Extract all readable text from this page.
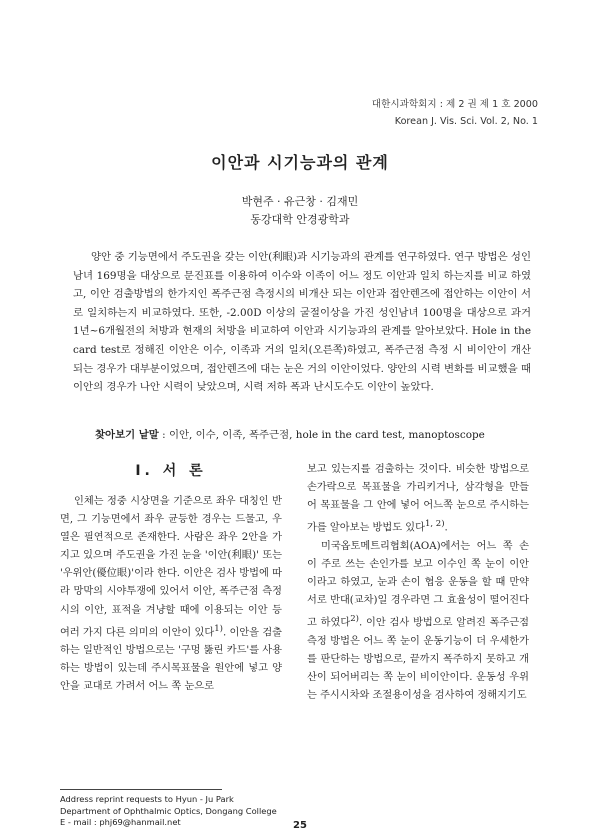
대한시과학회지 : 제 2 권 제 1 호 2000
Korean J. Vis. Sci. Vol. 2, No. 1
이안과 시기능과의 관계
박현주 · 유근창 · 김재민
동강대학 안경광학과

양안 중 기능면에서 주도권을 갖는 이안(利眼)과 시기능과의 관계를 연구하였다. 연구 방법은 성인 남녀 169명을 대상으로 문진표를 이용하여 이수와 이족이 어느 정도 이안과 일치 하는지를 비교 하였고, 이안 검출방법의 한가지인 폭주근점 측정시의 비개산 되는 이안과 접안렌즈에 접안하는 이안이 서로 일치하는지 비교하였다. 또한, -2.00D 이상의 굴절이상을 가진 성인남녀 100명을 대상으로 과거 1년~6개월전의 처방과 현재의 처방을 비교하여 이안과 시기능과의 관계를 알아보았다. Hole in the card test로 정해진 이안은 이수, 이족과 거의 일치(오른쪽)하였고, 폭주근점 측정 시 비이안이 개산되는 경우가 대부분이었으며, 접안렌즈에 대는 눈은 거의 이안이었다. 양안의 시력 변화를 비교했을 때 이안의 경우가 나안 시력이 낮았으며, 시력 저하 폭과 난시도수도 이안이 높았다.

찾아보기 낱말 : 이안, 이수, 이족, 폭주근점, hole in the card test, manoptoscope
I. 서 론

인체는 정중 시상면을 기준으로 좌우 대칭인 반면, 그 기능면에서 좌우 균등한 경우는 드물고, 우열은 필연적으로 존재한다. 사람은 좌우 2안을 가지고 있으며 주도권을 가진 눈을 '이안(利眼)' 또는 '우위안(優位眼)'이라 한다. 이안은 검사 방법에 따라 망막의 시야투쟁에 있어서 이안, 폭주근점 측정시의 이안, 표적을 겨냥할 때에 이용되는 이안 등 여러 가지 다른 의미의 이안이 있다$^{1)}$. 이안을 검출하는 일반적인 방법으로는 '구멍 뚫린 카드'를 사용하는 방법이 있는데 주시목표물을 원안에 넣고 양안을 교대로 가려서 어느 쪽 눈으로

보고 있는지를 검출하는 것이다. 비슷한 방법으로 손가락으로 목표물을 가리키거나, 삼각형을 만들어 목표물을 그 안에 넣어 어느쪽 눈으로 주시하는가를 알아보는 방법도 있다$^{1, 2)}$.

미국옵토메트리협회(AOA)에서는 어느 쪽 손이 주로 쓰는 손인가를 보고 이수인 쪽 눈이 이안 이라고 하였고, 눈과 손이 협응 운동을 할 때 만약 서로 반대(교차)일 경우라면 그 효율성이 떨어진다고 하였다$^{2)}$. 이안 검사 방법으로 알려진 폭주근점 측정 방법은 어느 쪽 눈이 운동기능이 더 우세한가를 판단하는 방법으로, 끝까지 폭주하지 못하고 개산이 되어버리는 쪽 눈이 비이안이다. 운동성 우위는 주시시차와 조절용이성을 검사하여 정해지기도

Address reprint requests to Hyun - Ju Park
Department of Ophthalmic Optics, Dongang College
E - mail : phj69@hanmail.net	25
